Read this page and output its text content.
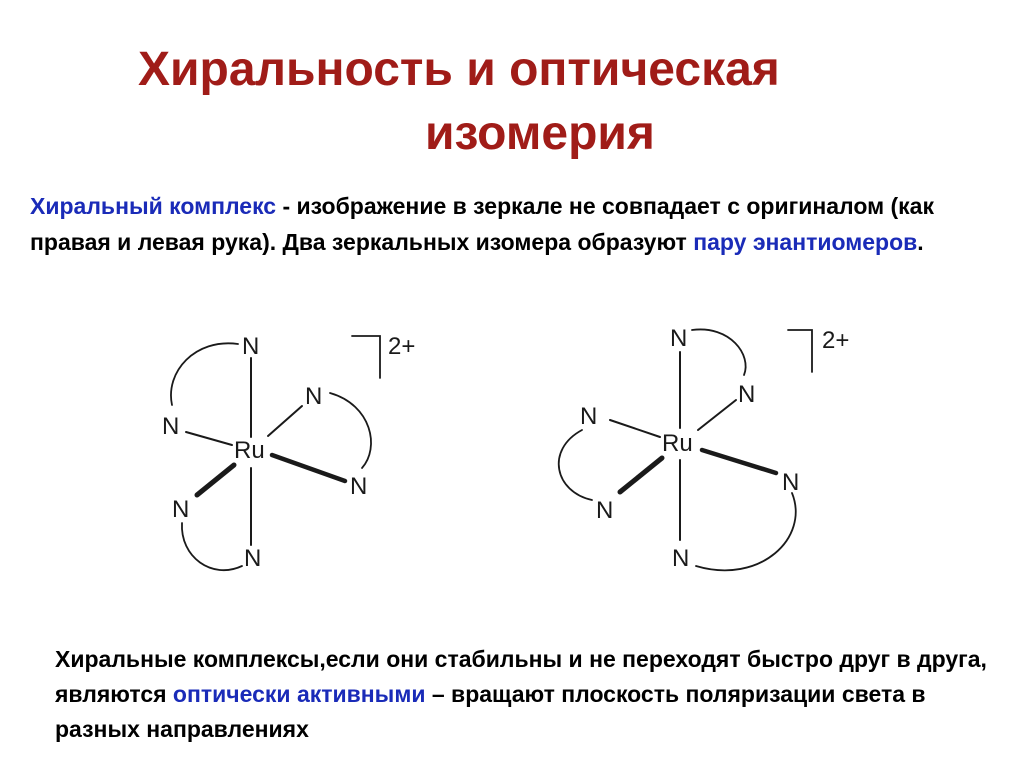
Хиральность и оптическая
изомерия
Хиральный комплекс - изображение в зеркале не совпадает с оригиналом (как правая и левая рука). Два зеркальных изомера образуют пару энантиомеров.
Ru
N
N
N
N
N
N
2+
Ru
N
N
N
N
N
N
2+
Хиральные комплексы,если они стабильны и не переходят быстро друг в друга, являются оптически активными – вращают плоскость поляризации света в разных направлениях
